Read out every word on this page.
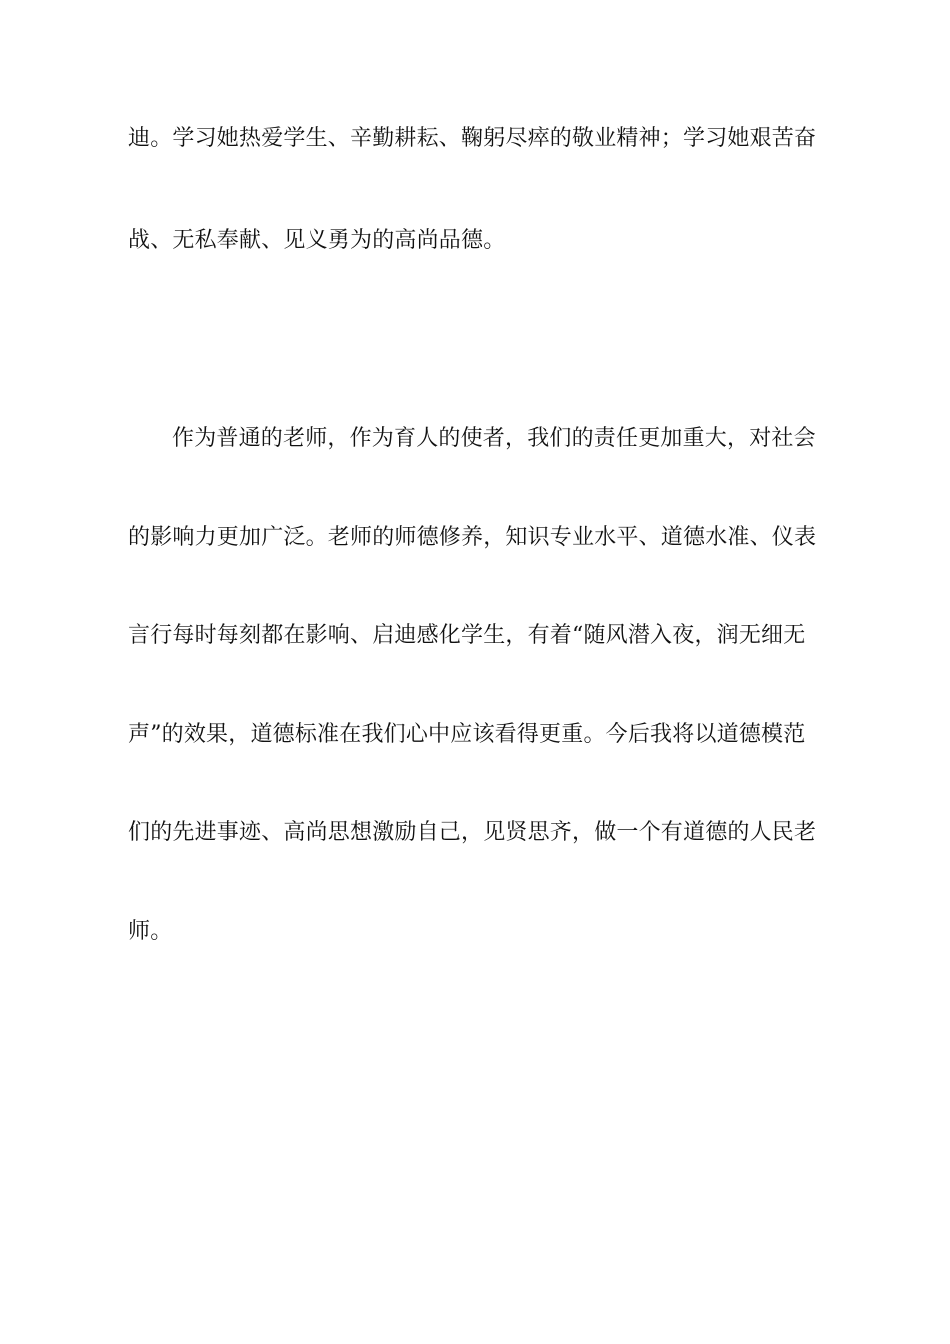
迪。学习她热爱学生、辛勤耕耘、鞠躬尽瘁的敬业精神；学习她艰苦奋
战、无私奉献、见义勇为的高尚品德。
作为普通的老师，作为育人的使者，我们的责任更加重大，对社会
的影响力更加广泛。老师的师德修养，知识专业水平、道德水准、仪表
言行每时每刻都在影响、启迪感化学生，有着“随风潜入夜，润无细无
声”的效果，道德标准在我们心中应该看得更重。今后我将以道德模范
们的先进事迹、高尚思想激励自己，见贤思齐，做一个有道德的人民老
师。
